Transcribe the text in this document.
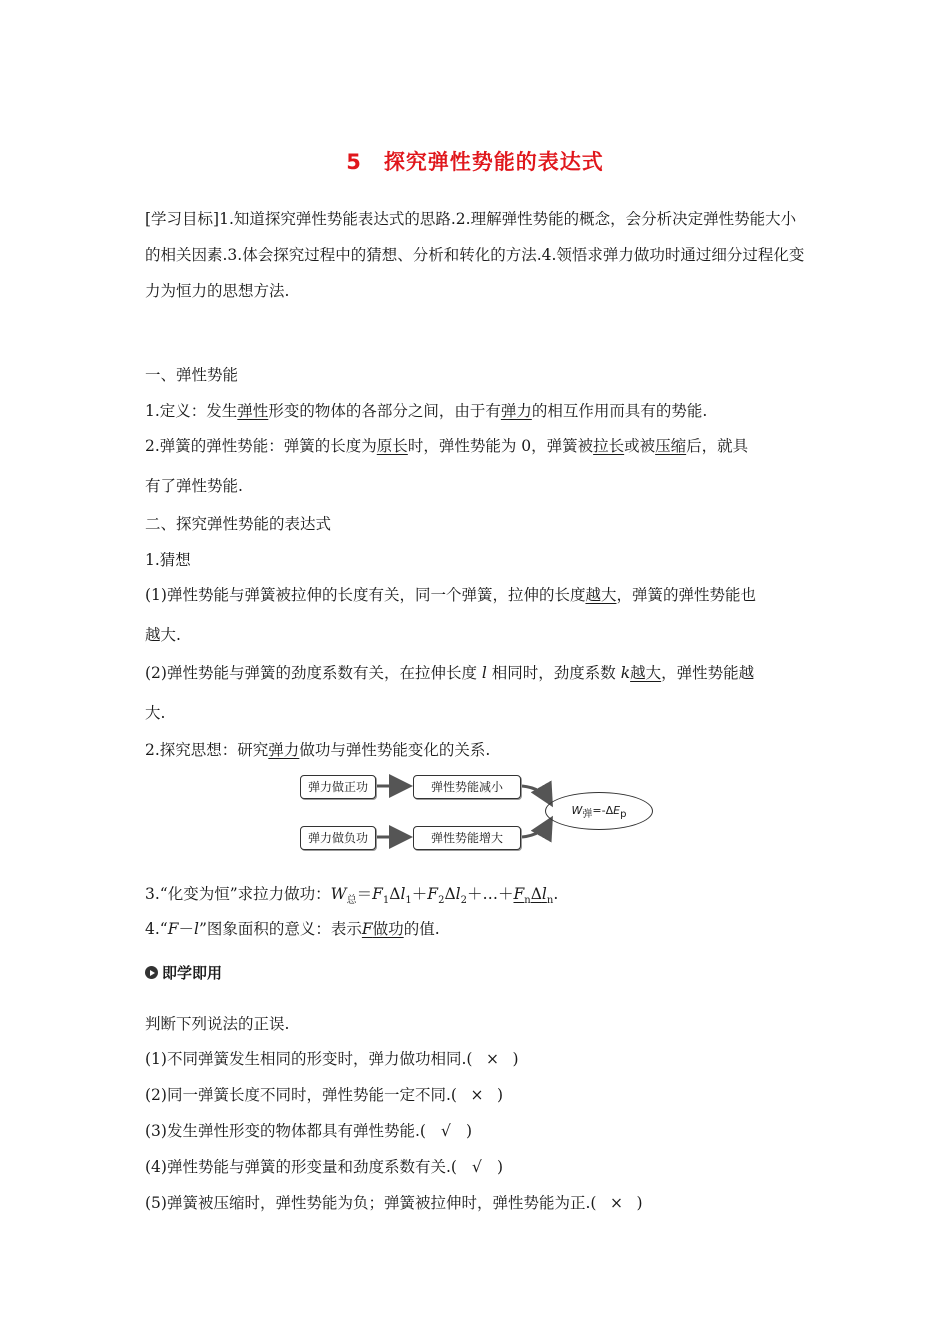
5 探究弹性势能的表达式
[学习目标]1.知道探究弹性势能表达式的思路.2.理解弹性势能的概念，会分析决定弹性势能大小的相关因素.3.体会探究过程中的猜想、分析和转化的方法.4.领悟求弹力做功时通过细分过程化变力为恒力的思想方法.
一、弹性势能
1.定义：发生弹性形变的物体的各部分之间，由于有弹力的相互作用而具有的势能.
2.弹簧的弹性势能：弹簧的长度为原长时，弹性势能为 0，弹簧被拉长或被压缩后，就具
有了弹性势能.
二、探究弹性势能的表达式
1.猜想
(1)弹性势能与弹簧被拉伸的长度有关，同一个弹簧，拉伸的长度越大，弹簧的弹性势能也
越大.
(2)弹性势能与弹簧的劲度系数有关，在拉伸长度 l 相同时，劲度系数 k越大，弹性势能越
大.
2.探究思想：研究弹力做功与弹性势能变化的关系.
弹力做正功	弹性势能减小
弹力做负功	弹性势能增大
$W_弹=-\Delta E_p$
3.“化变为恒”求拉力做功：$W_总=F_1\Delta l_1+F_2\Delta l_2+\dots+F_n\Delta l_n$.
4.“F－l”图象面积的意义：表示F做功的值.
即学即用
判断下列说法的正误.
(1)不同弹簧发生相同的形变时，弹力做功相同.( × )
(2)同一弹簧长度不同时，弹性势能一定不同.( × )
(3)发生弹性形变的物体都具有弹性势能.( √ )
(4)弹性势能与弹簧的形变量和劲度系数有关.( √ )
(5)弹簧被压缩时，弹性势能为负；弹簧被拉伸时，弹性势能为正.( × )
